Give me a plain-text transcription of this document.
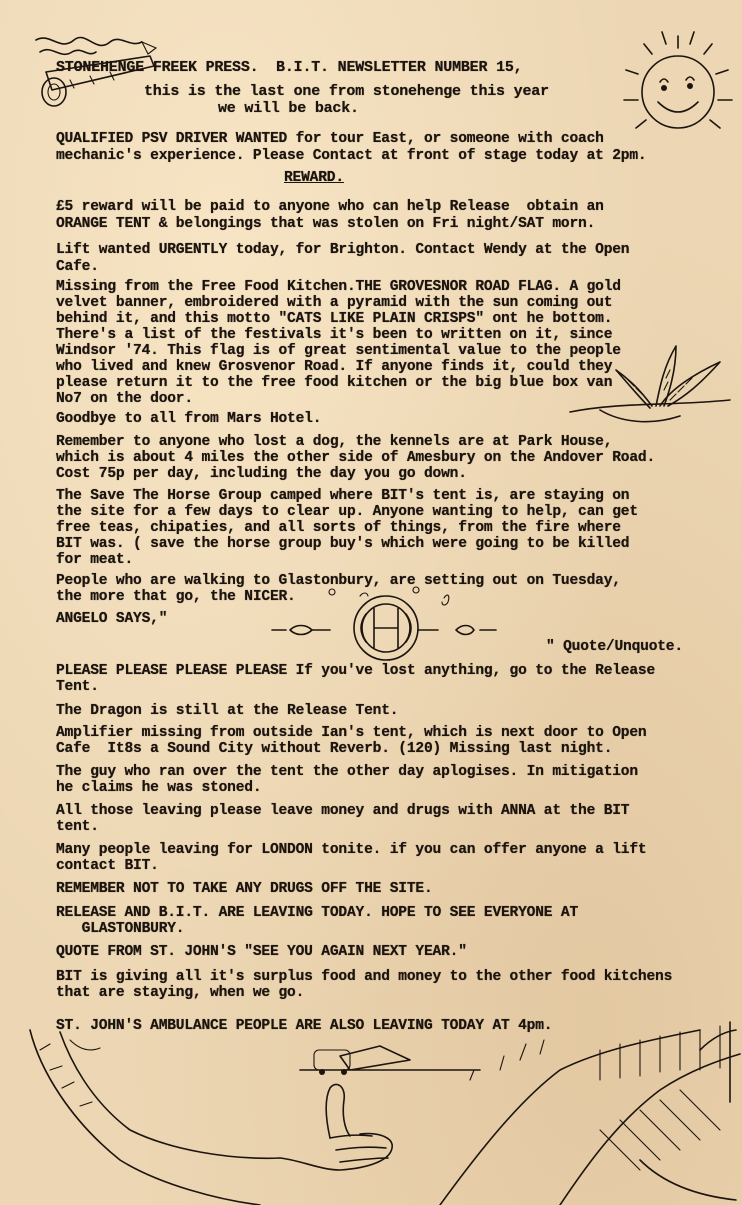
STONEHENGE FREEK PRESS.  B.I.T. NEWSLETTER NUMBER 15,
this is the last one from stonehenge this year
we will be back.
QUALIFIED PSV DRIVER WANTED for tour East, or someone with coach
mechanic's experience. Please Contact at front of stage today at 2pm.
REWARD.
£5 reward will be paid to anyone who can help Release  obtain an
ORANGE TENT & belongings that was stolen on Fri night/SAT morn.
Lift wanted URGENTLY today, for Brighton. Contact Wendy at the Open
Cafe.
Missing from the Free Food Kitchen.THE GROVESNOR ROAD FLAG. A gold
velvet banner, embroidered with a pyramid with the sun coming out
behind it, and this motto "CATS LIKE PLAIN CRISPS" ont he bottom.
There's a list of the festivals it's been to written on it, since
Windsor '74. This flag is of great sentimental value to the people
who lived and knew Grosvenor Road. If anyone finds it, could they
please return it to the free food kitchen or the big blue box van
No7 on the door.
Goodbye to all from Mars Hotel.
Remember to anyone who lost a dog, the kennels are at Park House,
which is about 4 miles the other side of Amesbury on the Andover Road.
Cost 75p per day, including the day you go down.
The Save The Horse Group camped where BIT's tent is, are staying on
the site for a few days to clear up. Anyone wanting to help, can get
free teas, chipaties, and all sorts of things, from the fire where
BIT was. ( save the horse group buy's which were going to be killed
for meat.
People who are walking to Glastonbury, are setting out on Tuesday,
the more that go, the NICER.
ANGELO SAYS,"
" Quote/Unquote.
PLEASE PLEASE PLEASE PLEASE If you've lost anything, go to the Release
Tent.
The Dragon is still at the Release Tent.
Amplifier missing from outside Ian's tent, which is next door to Open
Cafe  It8s a Sound City without Reverb. (120) Missing last night.
The guy who ran over the tent the other day aplogises. In mitigation
he claims he was stoned.
All those leaving please leave money and drugs with ANNA at the BIT
tent.
Many people leaving for LONDON tonite. if you can offer anyone a lift
contact BIT.
REMEMBER NOT TO TAKE ANY DRUGS OFF THE SITE.
RELEASE AND B.I.T. ARE LEAVING TODAY. HOPE TO SEE EVERYONE AT
GLASTONBURY.
QUOTE FROM ST. JOHN'S "SEE YOU AGAIN NEXT YEAR."
BIT is giving all it's surplus food and money to the other food kitchens
that are staying, when we go.
ST. JOHN'S AMBULANCE PEOPLE ARE ALSO LEAVING TODAY AT 4pm.
